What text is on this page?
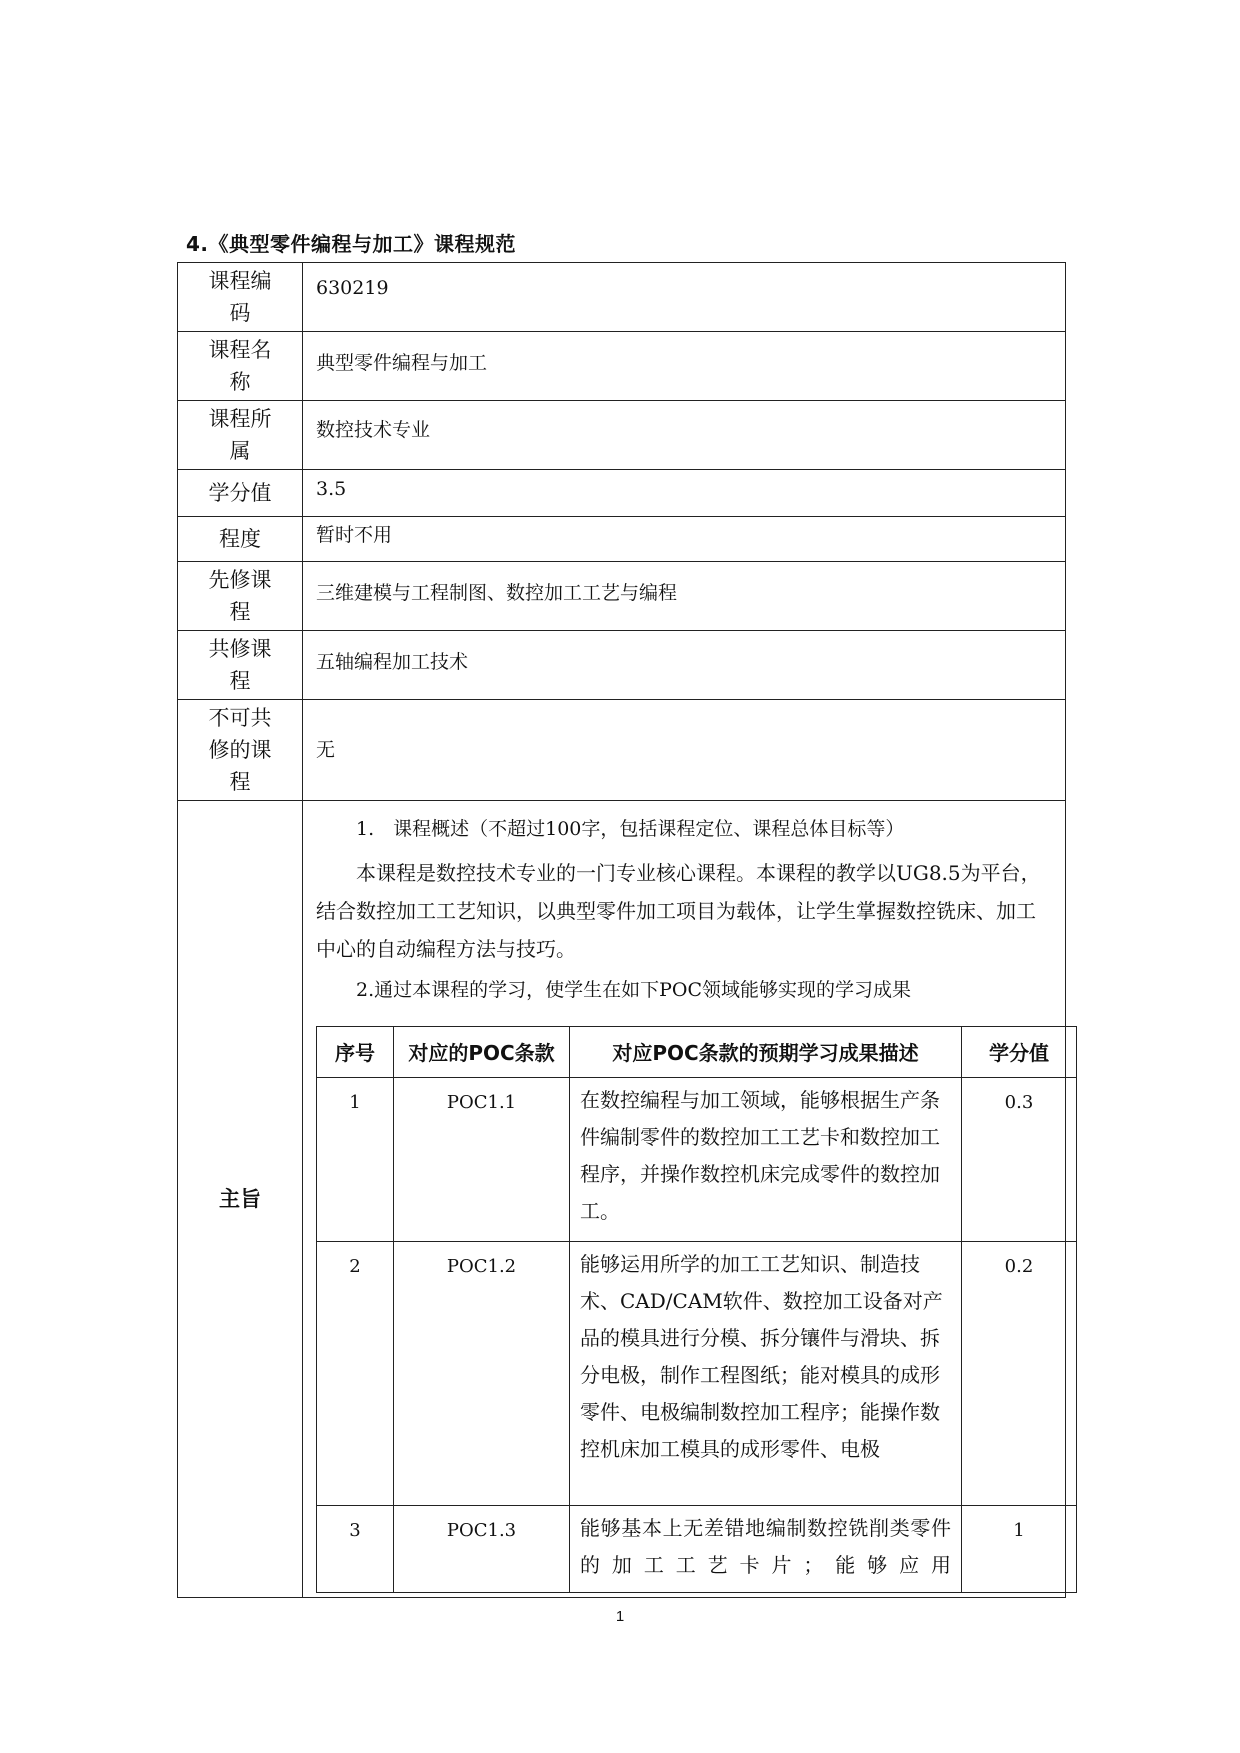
4.《典型零件编程与加工》课程规范
课程编
码	630219
课程名
称	典型零件编程与加工
课程所
属	数控技术专业
学分值	3.5
程度	暂时不用
先修课
程	三维建模与工程制图、数控加工工艺与编程
共修课
程	五轴编程加工技术
不可共
修的课
程	无
主旨	
1.　课程概述（不超过100字，包括课程定位、课程总体目标等）
本课程是数控技术专业的一门专业核心课程。本课程的教学以UG8.5为平台，结合数控加工工艺知识，以典型零件加工项目为载体，让学生掌握数控铣床、加工中心的自动编程方法与技巧。
2.通过本课程的学习，使学生在如下POC领域能够实现的学习成果
序号	对应的POC条款	对应POC条款的预期学习成果描述	学分值
1	POC1.1	在数控编程与加工领域，能够根据生产条件编制零件的数控加工工艺卡和数控加工程序，并操作数控机床完成零件的数控加工。	0.3
2	POC1.2	能够运用所学的加工工艺知识、制造技术、CAD/CAM软件、数控加工设备对产品的模具进行分模、拆分镶件与滑块、拆分电极，制作工程图纸；能对模具的成形零件、电极编制数控加工程序；能操作数控机床加工模具的成形零件、电极	0.2
3	POC1.3	能够基本上无差错地编制数控铣削类零件的加工工艺卡片；能够应用	1
1
